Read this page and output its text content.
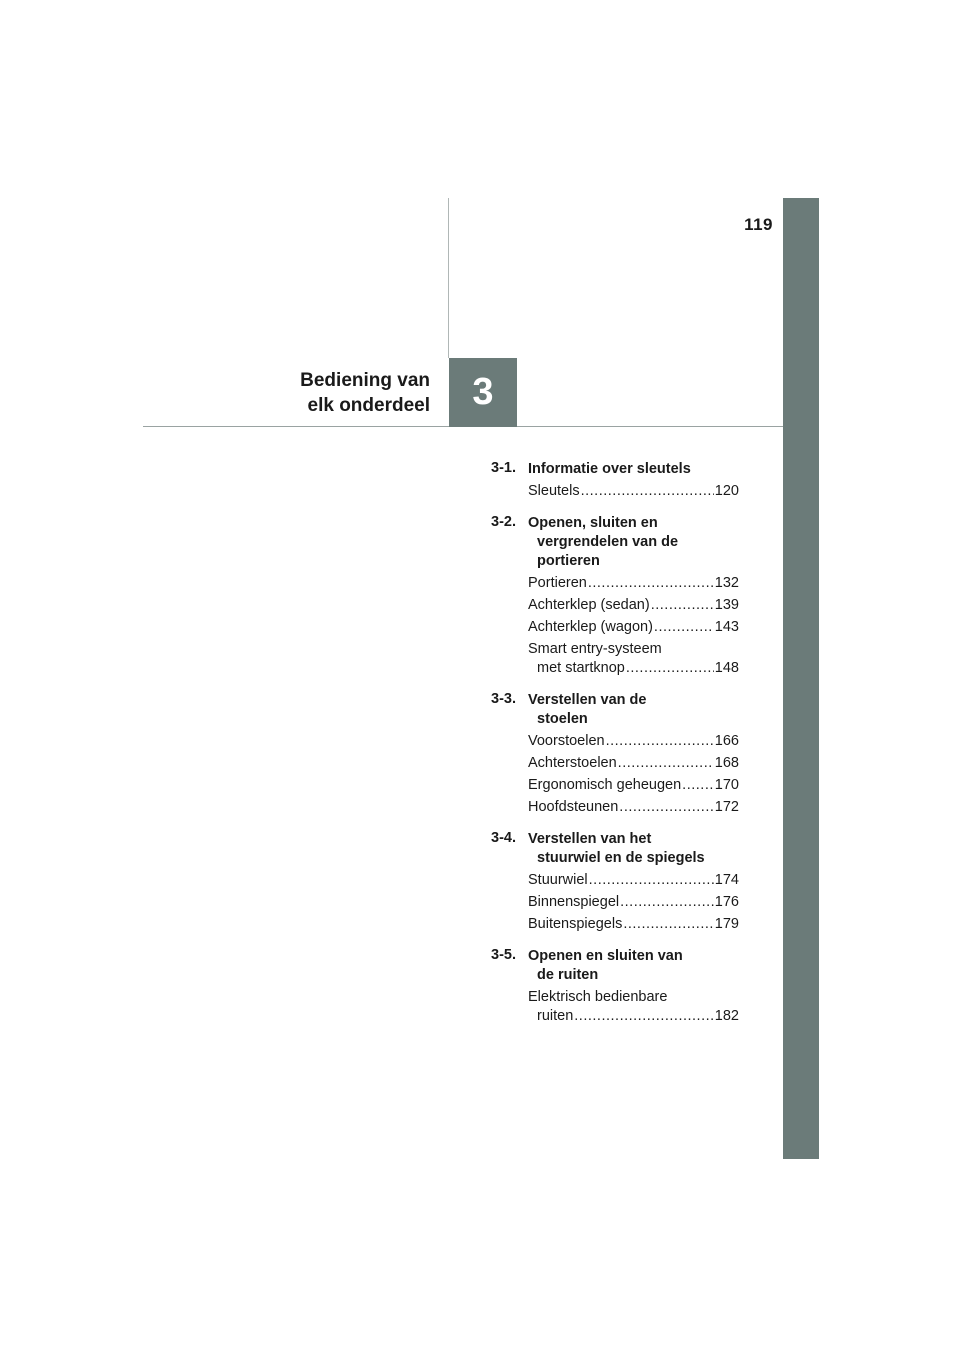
119
Bediening van
elk onderdeel	3
3-1. Informatie over sleutels
Sleutels .....	120
3-2. Openen, sluiten en
vergrendelen van de
portieren
Portieren .....	132
Achterklep (sedan) .....	139
Achterklep (wagon) .....	143
Smart entry-systeem
met startknop .....	148
3-3. Verstellen van de
stoelen
Voorstoelen .....	166
Achterstoelen .....	168
Ergonomisch geheugen ..... 170
Hoofdsteunen .....	172
3-4. Verstellen van het
stuurwiel en de spiegels
Stuurwiel .....	174
Binnenspiegel .....	176
Buitenspiegels .....	179
3-5. Openen en sluiten van
de ruiten
Elektrisch bedienbare
ruiten .....	182
